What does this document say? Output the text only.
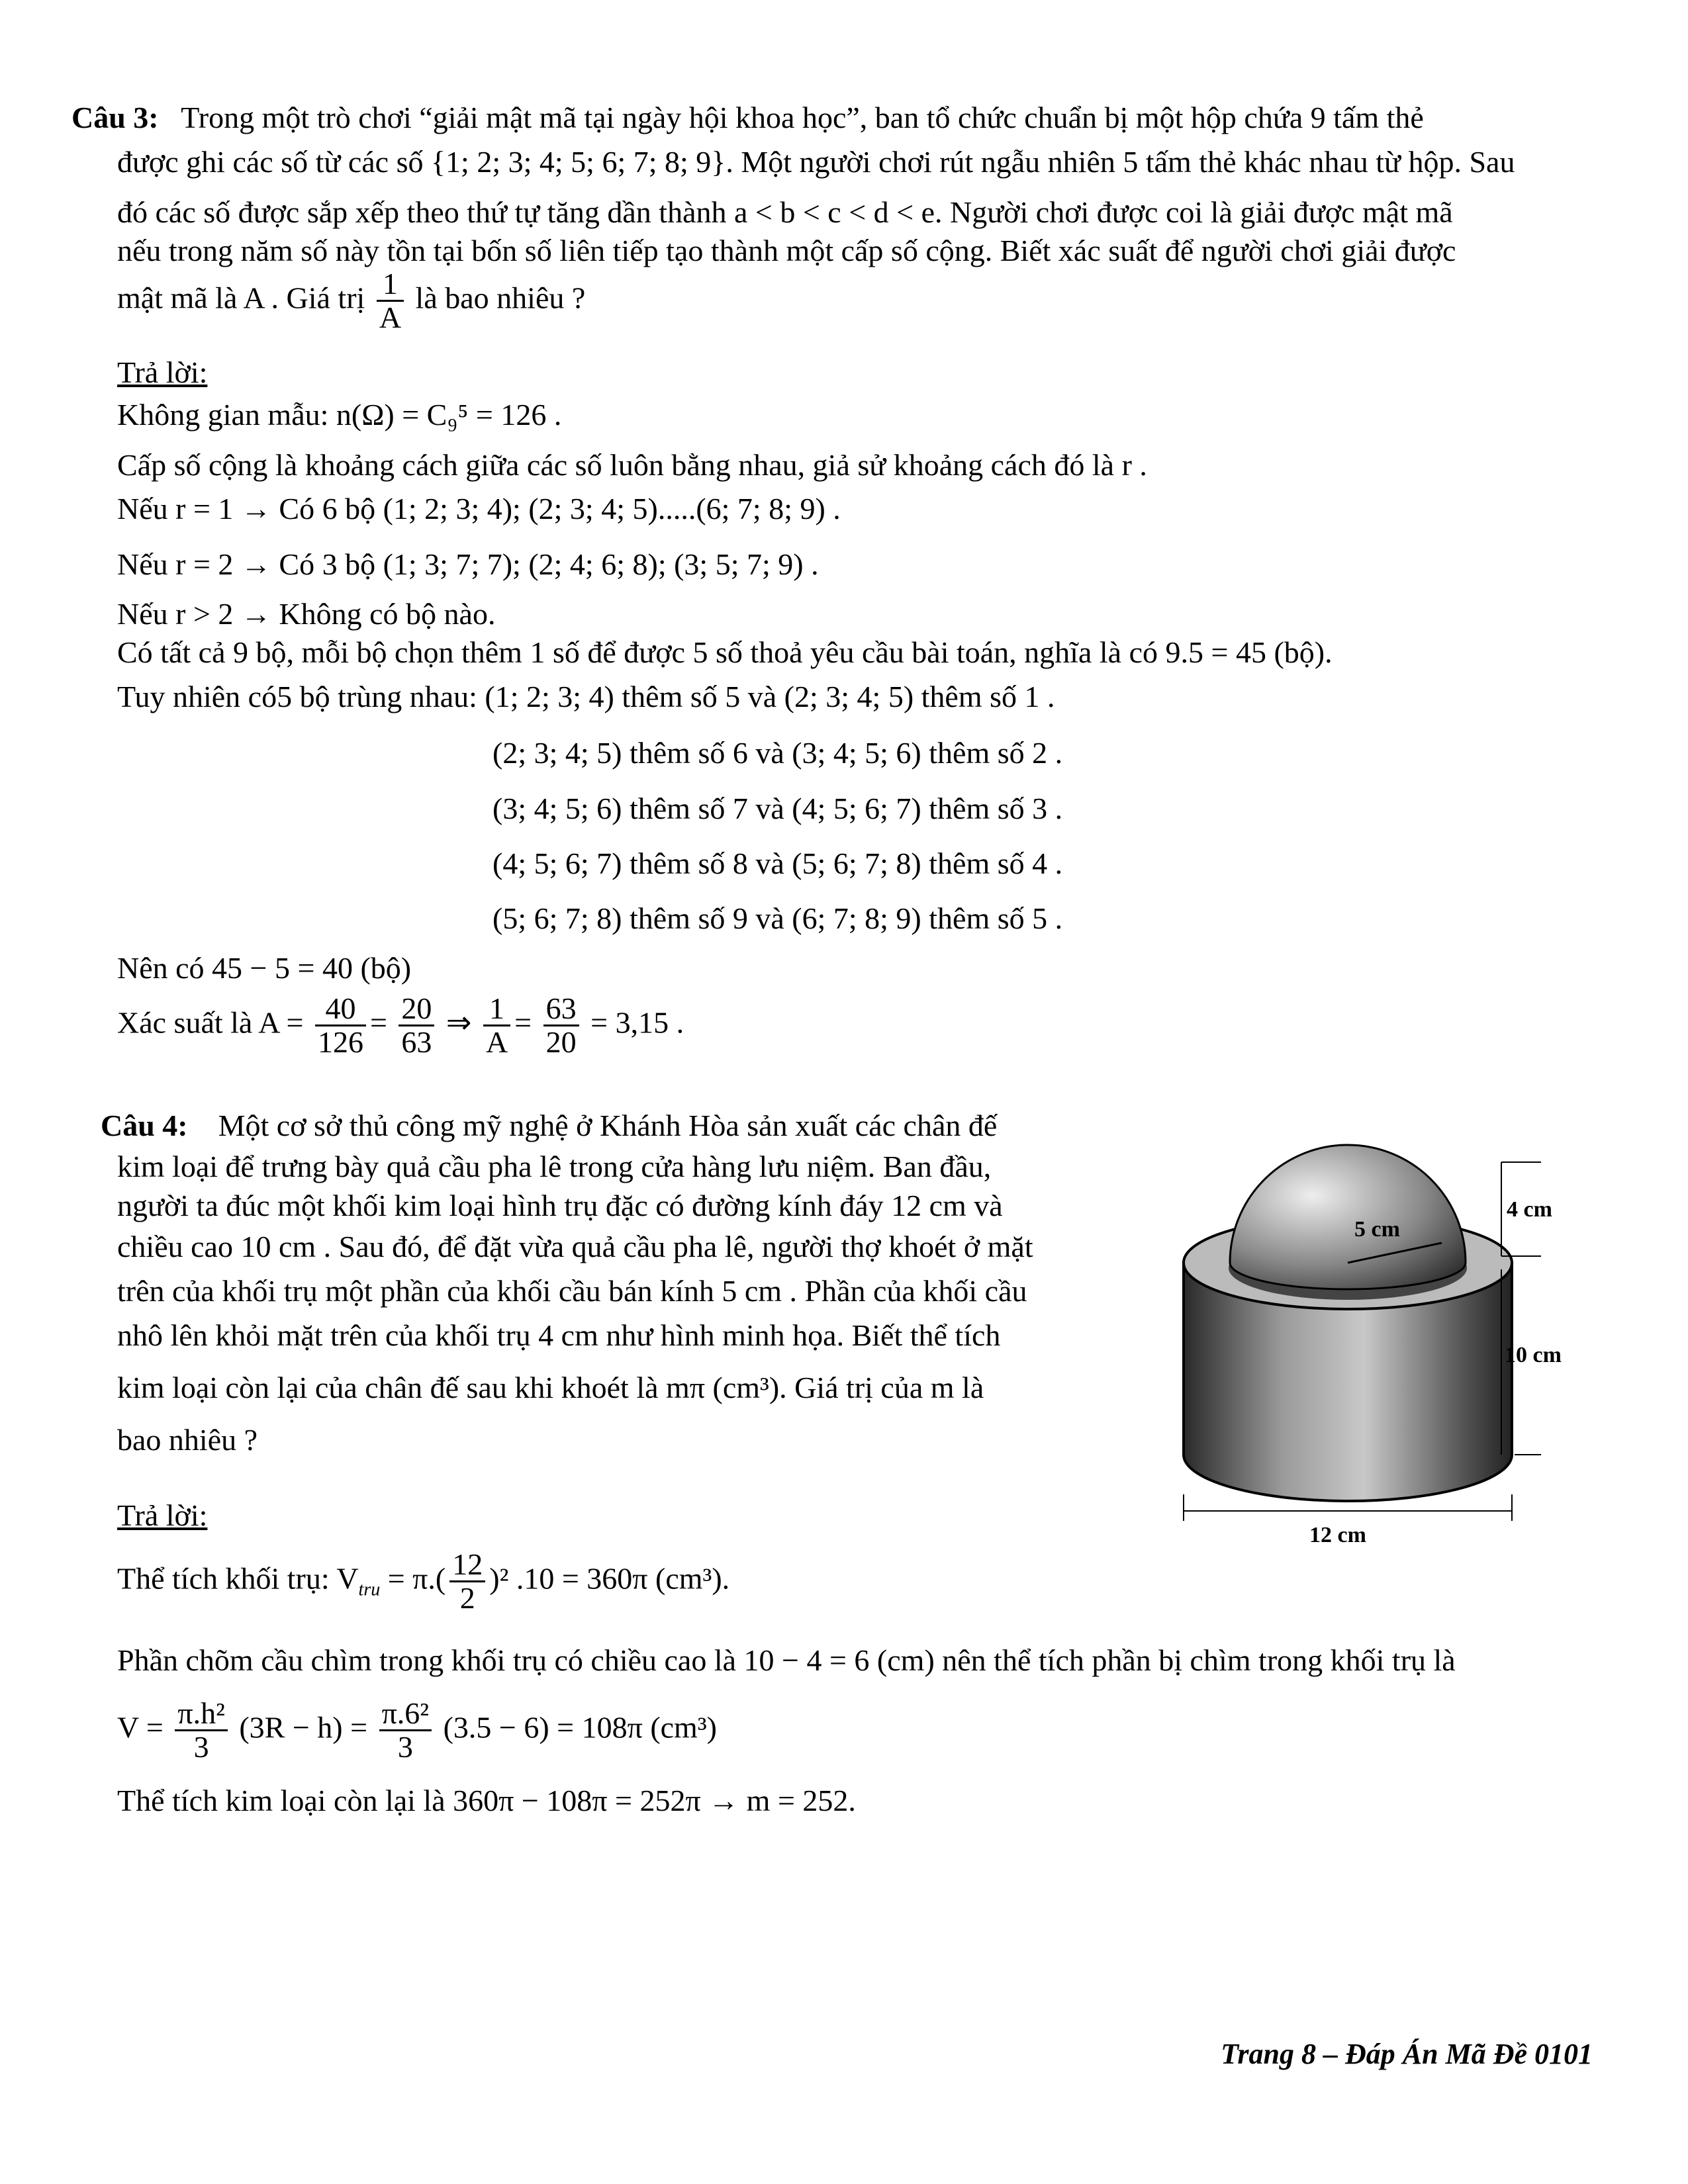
Câu 3: Trong một trò chơi “giải mật mã tại ngày hội khoa học”, ban tổ chức chuẩn bị một hộp chứa 9 tấm thẻ
được ghi các số từ các số {1; 2; 3; 4; 5; 6; 7; 8; 9}. Một người chơi rút ngẫu nhiên 5 tấm thẻ khác nhau từ hộp. Sau
đó các số được sắp xếp theo thứ tự tăng dần thành a < b < c < d < e. Người chơi được coi là giải được mật mã
nếu trong năm số này tồn tại bốn số liên tiếp tạo thành một cấp số cộng. Biết xác suất để người chơi giải được
mật mã là A . Giá trị $\frac{1}{A}$ là bao nhiêu ?
Trả lời:
Không gian mẫu: n(Ω) = C₉⁵ = 126 .
Cấp số cộng là khoảng cách giữa các số luôn bằng nhau, giả sử khoảng cách đó là r .
Nếu r = 1 → Có 6 bộ (1; 2; 3; 4); (2; 3; 4; 5).....(6; 7; 8; 9) .
Nếu r = 2 → Có 3 bộ (1; 3; 7; 7); (2; 4; 6; 8); (3; 5; 7; 9) .
Nếu r > 2 → Không có bộ nào.
Có tất cả 9 bộ, mỗi bộ chọn thêm 1 số để được 5 số thoả yêu cầu bài toán, nghĩa là có 9.5 = 45 (bộ).
Tuy nhiên có5 bộ trùng nhau: (1; 2; 3; 4) thêm số 5 và (2; 3; 4; 5) thêm số 1 .
(2; 3; 4; 5) thêm số 6 và (3; 4; 5; 6) thêm số 2 .
(3; 4; 5; 6) thêm số 7 và (4; 5; 6; 7) thêm số 3 .
(4; 5; 6; 7) thêm số 8 và (5; 6; 7; 8) thêm số 4 .
(5; 6; 7; 8) thêm số 9 và (6; 7; 8; 9) thêm số 5 .
Nên có 45 − 5 = 40 (bộ)
Xác suất là $A = \frac{40}{126} = \frac{20}{63}$ ⇒ $\frac{1}{A} = \frac{63}{20} = 3,15$ .
Câu 4: Một cơ sở thủ công mỹ nghệ ở Khánh Hòa sản xuất các chân đế
kim loại để trưng bày quả cầu pha lê trong cửa hàng lưu niệm. Ban đầu,
người ta đúc một khối kim loại hình trụ đặc có đường kính đáy 12 cm và
chiều cao 10 cm . Sau đó, để đặt vừa quả cầu pha lê, người thợ khoét ở mặt
trên của khối trụ một phần của khối cầu bán kính 5 cm . Phần của khối cầu
nhô lên khỏi mặt trên của khối trụ 4 cm như hình minh họa. Biết thể tích
kim loại còn lại của chân đế sau khi khoét là mπ (cm³). Giá trị của m là
bao nhiêu ?
5 cm
4 cm
10 cm
12 cm
Trả lời:
Thể tích khối trụ: $V_{tru} = \pi.( \frac{12}{2} )^2$ .10 = 360π (cm³).
Phần chõm cầu chìm trong khối trụ có chiều cao là 10 − 4 = 6 (cm) nên thể tích phần bị chìm trong khối trụ là
$V = \frac{\text{π.h²}}{3} (3R - h) = \frac{\text{π.6²}}{3} (3.5 - 6) = 108\pi$ (cm³)
Thể tích kim loại còn lại là 360π − 108π = 252π → m = 252.
Trang 8 – Đáp Án Mã Đề 0101
